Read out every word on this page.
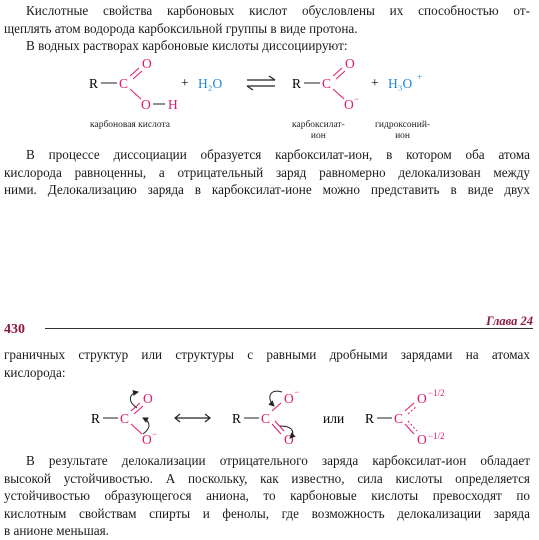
Кислотные свойства карбоновых кислот обусловлены их способностью от-
щеплять атом водорода карбоксильной группы в виде протона.
В водных растворах карбоновые кислоты диссоциируют:
R C
O
O H
+ H₂O	R C
O
O −
+ H₃O +
карбоновая кислота	карбоксилат-
ион
гидроксоний-
ион
В процессе диссоциации образуется карбоксилат-ион, в котором оба атома
кислорода равноценны, а отрицательный заряд равномерно делокализован между
ними. Делокализацию заряда в карбоксилат-ионе можно представить в виде двух
430
Глава 24
граничных структур или структуры с равными дробными зарядами на атомах
кислорода:
R C
O
O −
R C
O −
O
или R C
O −1/2
O −1/2
В результате делокализации отрицательного заряда карбоксилат-ион обладает
высокой устойчивостью. А поскольку, как известно, сила кислоты определяется
устойчивостью образующегося аниона, то карбоновые кислоты превосходят по
кислотным свойствам спирты и фенолы, где возможность делокализации заряда
в анионе меньшая.
